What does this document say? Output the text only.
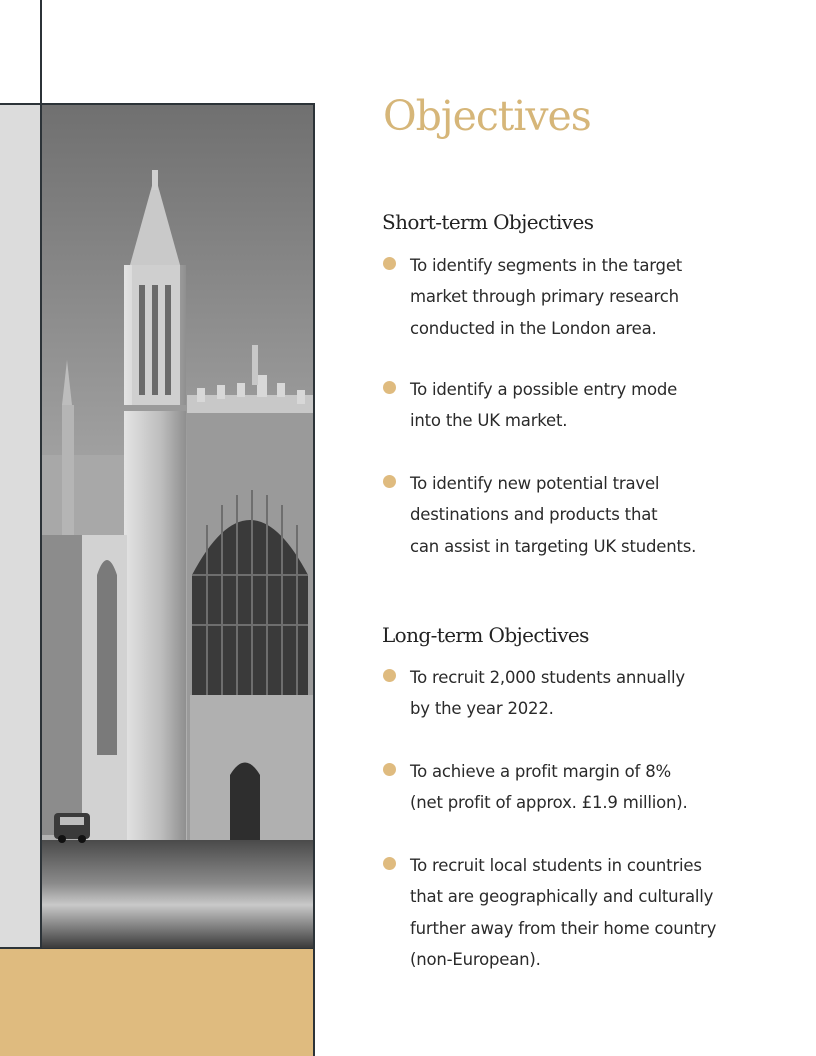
Objectives
Short-term Objectives
To identify segments in the target
market through primary research
conducted in the London area.
To identify a possible entry mode
into the UK market.
To identify new potential travel
destinations and products that
can assist in targeting UK students.
Long-term Objectives
To recruit 2,000 students annually
by the year 2022.
To achieve a profit margin of 8%
(net profit of approx. £1.9 million).
To recruit local students in countries
that are geographically and culturally
further away from their home country
(non-European).
